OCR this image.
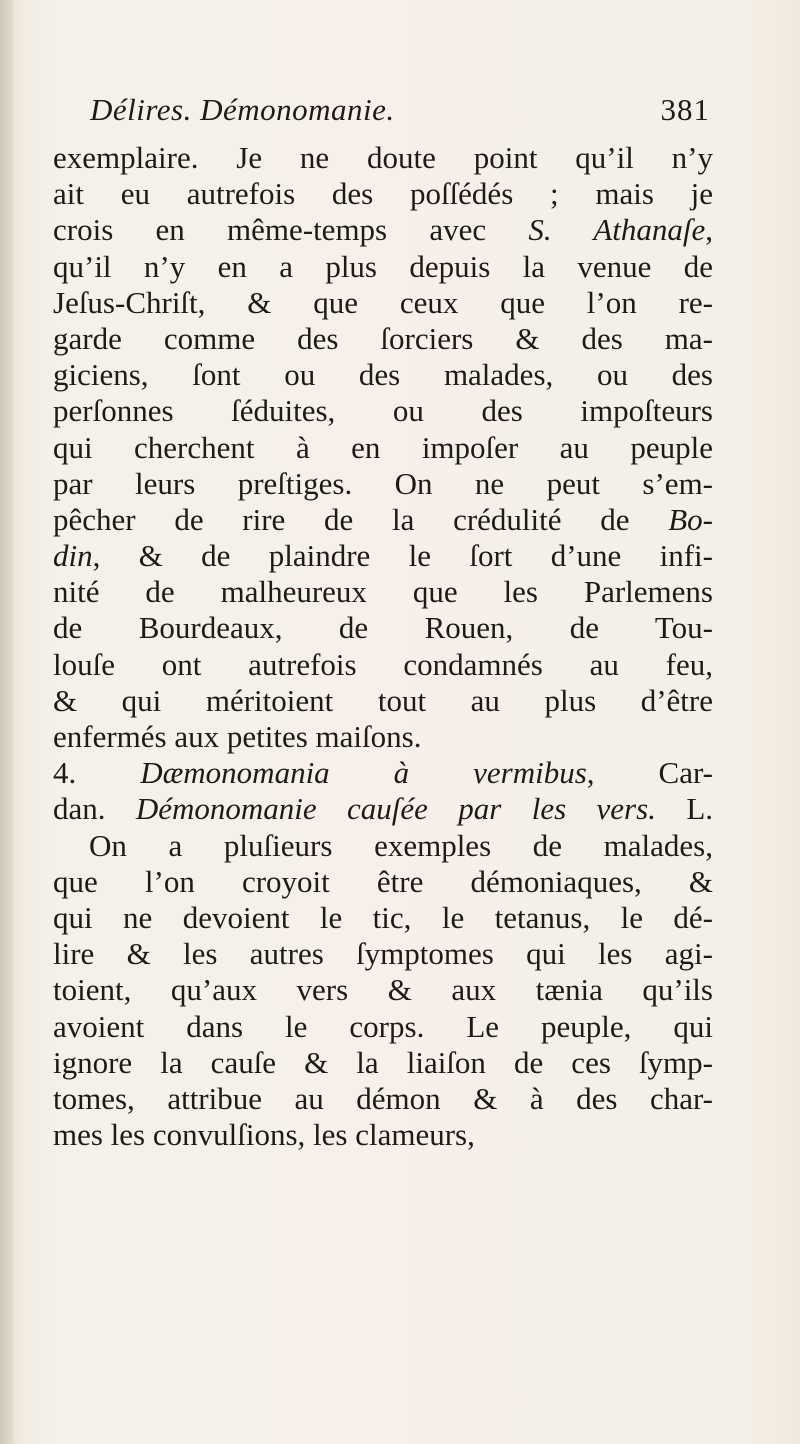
Délires. Démonomanie.	381
exemplaire. Je ne doute point qu’il n’y
ait eu autrefois des poſſédés ; mais je
crois en même-temps avec S. Athanaſe,
qu’il n’y en a plus depuis la venue de
Jeſus-Chriſt, & que ceux que l’on re-
garde comme des ſorciers & des ma-
giciens, ſont ou des malades, ou des
perſonnes ſéduites, ou des impoſteurs
qui cherchent à en impoſer au peuple
par leurs preſtiges. On ne peut s’em-
pêcher de rire de la crédulité de Bo-
din, & de plaindre le ſort d’une infi-
nité de malheureux que les Parlemens
de Bourdeaux, de Rouen, de Tou-
louſe ont autrefois condamnés au feu,
& qui méritoient tout au plus d’être
enfermés aux petites maiſons.
4. Dæmonomania à vermibus, Car-
dan. Démonomanie cauſée par les vers. L.
On a pluſieurs exemples de malades,
que l’on croyoit être démoniaques, &
qui ne devoient le tic, le tetanus, le dé-
lire & les autres ſymptomes qui les agi-
toient, qu’aux vers & aux tænia qu’ils
avoient dans le corps. Le peuple, qui
ignore la cauſe & la liaiſon de ces ſymp-
tomes, attribue au démon & à des char-
mes les convulſions, les clameurs,
